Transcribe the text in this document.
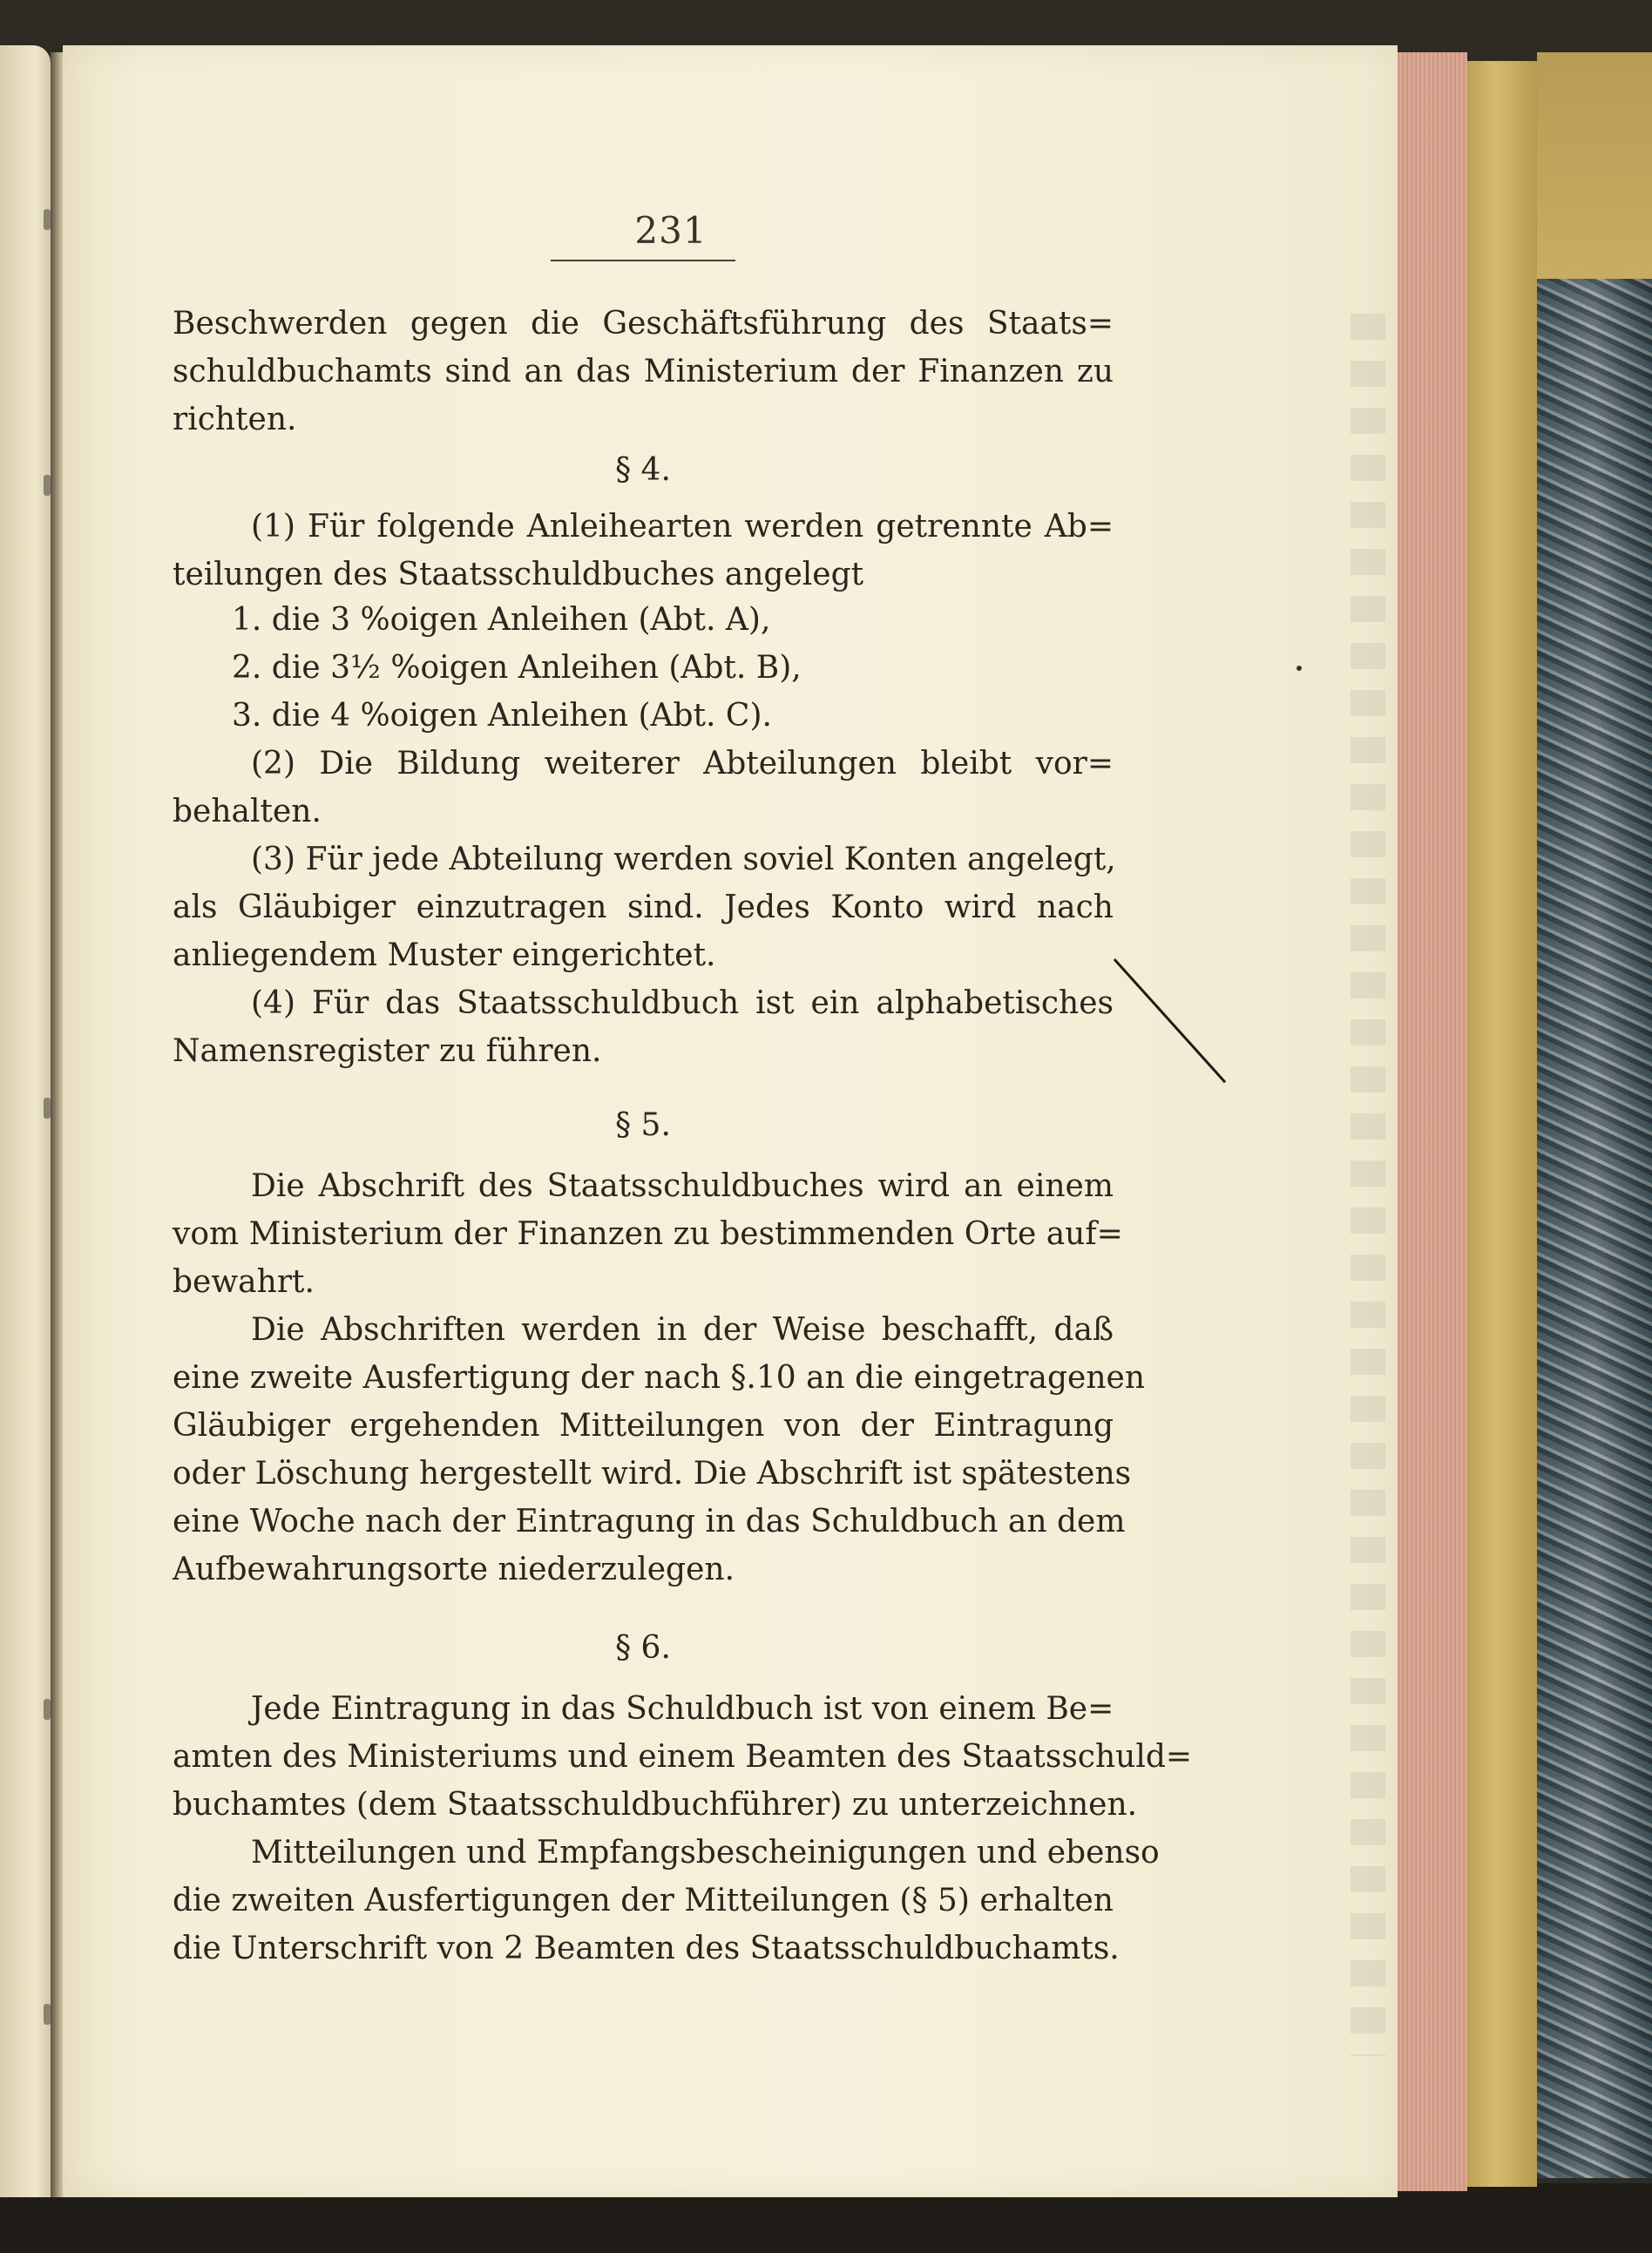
231
Beschwerden gegen die Geschäftsführung des Staats=
schuldbuchamts sind an das Ministerium der Finanzen zu
richten.
§ 4.
(1) Für folgende Anleihearten werden getrennte Ab=
teilungen des Staatsschuldbuches angelegt
1. die 3 %oigen Anleihen (Abt. A),
2. die 3½ %oigen Anleihen (Abt. B),
3. die 4 %oigen Anleihen (Abt. C).
(2) Die Bildung weiterer Abteilungen bleibt vor=
behalten.
(3) Für jede Abteilung werden soviel Konten angelegt,
als Gläubiger einzutragen sind. Jedes Konto wird nach
anliegendem Muster eingerichtet.
(4) Für das Staatsschuldbuch ist ein alphabetisches
Namensregister zu führen.
§ 5.
Die Abschrift des Staatsschuldbuches wird an einem
vom Ministerium der Finanzen zu bestimmenden Orte auf=
bewahrt.
Die Abschriften werden in der Weise beschafft, daß
eine zweite Ausfertigung der nach §.10 an die eingetragenen
Gläubiger ergehenden Mitteilungen von der Eintragung
oder Löschung hergestellt wird. Die Abschrift ist spätestens
eine Woche nach der Eintragung in das Schuldbuch an dem
Aufbewahrungsorte niederzulegen.
§ 6.
Jede Eintragung in das Schuldbuch ist von einem Be=
amten des Ministeriums und einem Beamten des Staatsschuld=
buchamtes (dem Staatsschuldbuchführer) zu unterzeichnen.
Mitteilungen und Empfangsbescheinigungen und ebenso
die zweiten Ausfertigungen der Mitteilungen (§ 5) erhalten
die Unterschrift von 2 Beamten des Staatsschuldbuchamts.
